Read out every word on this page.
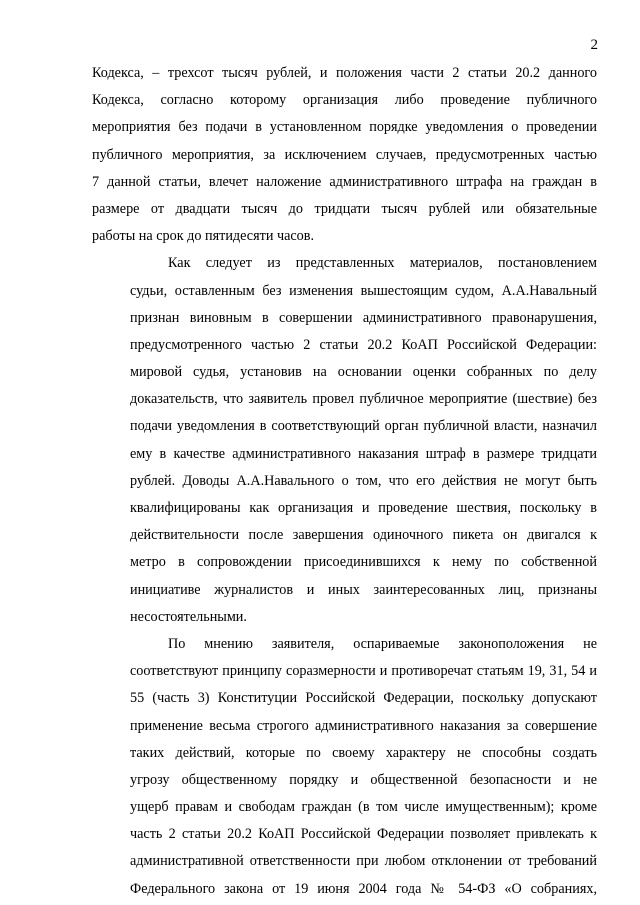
2
Кодекса, – трехсот тысяч рублей, и положения части 2 статьи 20.2 данного
Кодекса, согласно которому организация либо проведение публичного
мероприятия без подачи в установленном порядке уведомления о проведении
публичного мероприятия, за исключением случаев, предусмотренных частью
7 данной статьи, влечет наложение административного штрафа на граждан в
размере от двадцати тысяч до тридцати тысяч рублей или обязательные
работы на срок до пятидесяти часов.
Как следует из представленных материалов, постановлением
судьи, оставленным без изменения вышестоящим судом, А.А.Навальный
признан виновным в совершении административного правонарушения,
предусмотренного частью 2 статьи 20.2 КоАП Российской Федерации:
мировой судья, установив на основании оценки собранных по делу
доказательств, что заявитель провел публичное мероприятие (шествие) без
подачи уведомления в соответствующий орган публичной власти, назначил
ему в качестве административного наказания штраф в размере тридцати
рублей. Доводы А.А.Навального о том, что его действия не могут быть
квалифицированы как организация и проведение шествия, поскольку в
действительности после завершения одиночного пикета он двигался к
метро в сопровождении присоединившихся к нему по собственной
инициативе журналистов и иных заинтересованных лиц, признаны
несостоятельными.
По мнению заявителя, оспариваемые законоположения не
соответствуют принципу соразмерности и противоречат статьям 19, 31, 54 и
55 (часть 3) Конституции Российской Федерации, поскольку допускают
применение весьма строгого административного наказания за совершение
таких действий, которые по своему характеру не способны создать
угрозу общественному порядку и общественной безопасности и не
ущерб правам и свободам граждан (в том числе имущественным); кроме
часть 2 статьи 20.2 КоАП Российской Федерации позволяет привлекать к
административной ответственности при любом отклонении от требований
Федерального закона от 19 июня 2004 года № 54-ФЗ «О собраниях,
